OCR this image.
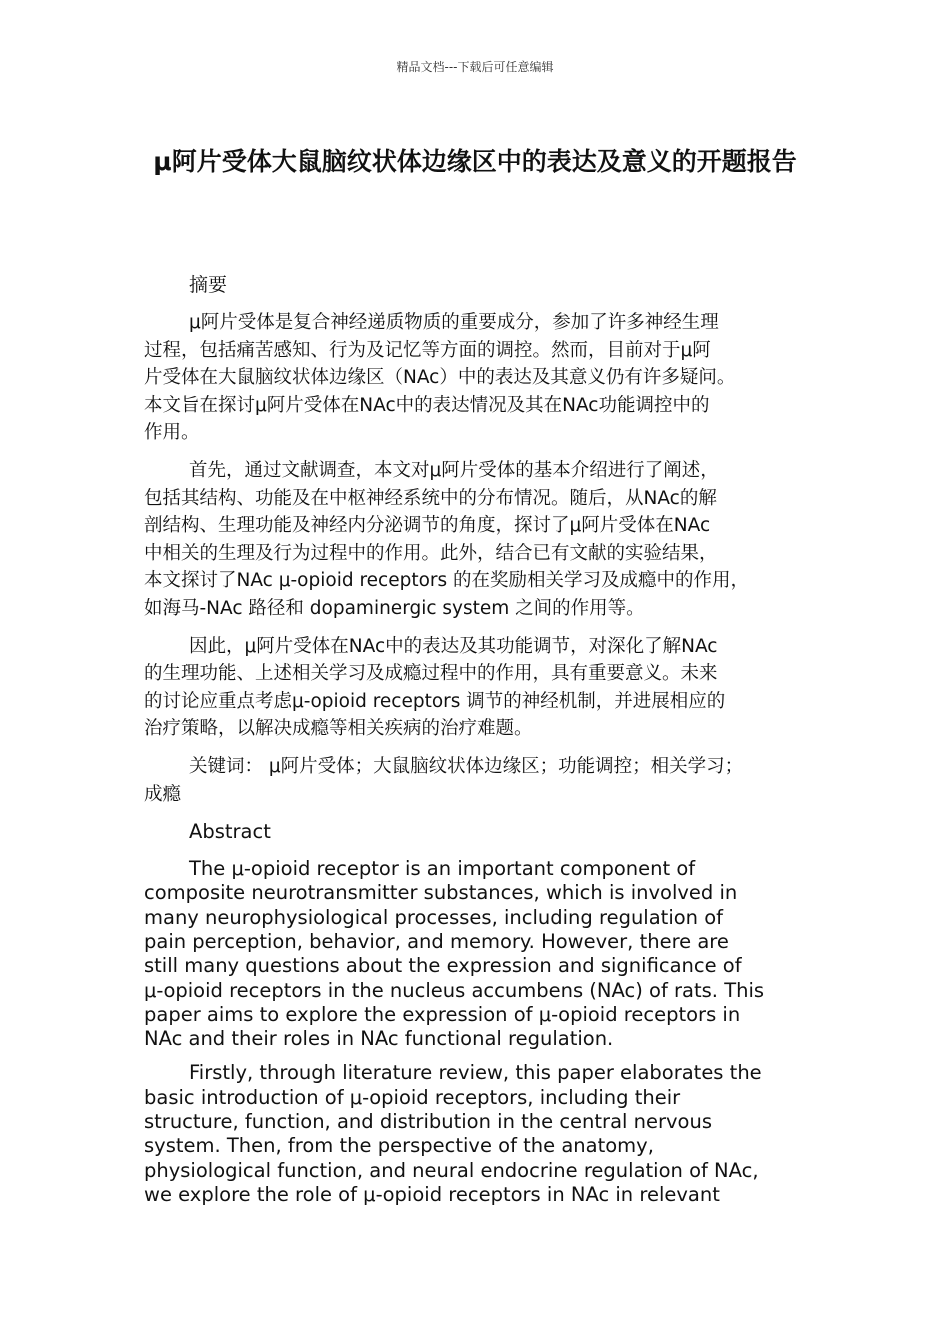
精品文档---下载后可任意编辑
μ阿片受体大鼠脑纹状体边缘区中的表达及意义的开题报告

摘要

μ阿片受体是复合神经递质物质的重要成分，参加了许多神经生理
过程，包括痛苦感知、行为及记忆等方面的调控。然而，目前对于μ阿
片受体在大鼠脑纹状体边缘区（NAc）中的表达及其意义仍有许多疑问。
本文旨在探讨μ阿片受体在NAc中的表达情况及其在NAc功能调控中的
作用。

首先，通过文献调查，本文对μ阿片受体的基本介绍进行了阐述，
包括其结构、功能及在中枢神经系统中的分布情况。随后，从NAc的解
剖结构、生理功能及神经内分泌调节的角度，探讨了μ阿片受体在NAc
中相关的生理及行为过程中的作用。此外，结合已有文献的实验结果，
本文探讨了NAc μ-opioid receptors 的在奖励相关学习及成瘾中的作用，
如海马-NAc 路径和 dopaminergic system 之间的作用等。

因此，μ阿片受体在NAc中的表达及其功能调节，对深化了解NAc
的生理功能、上述相关学习及成瘾过程中的作用，具有重要意义。未来
的讨论应重点考虑μ-opioid receptors 调节的神经机制，并进展相应的
治疗策略，以解决成瘾等相关疾病的治疗难题。

关键词： μ阿片受体；大鼠脑纹状体边缘区；功能调控；相关学习；
成瘾

Abstract

The μ-opioid receptor is an important component of
composite neurotransmitter substances, which is involved in
many neurophysiological processes, including regulation of
pain perception, behavior, and memory. However, there are
still many questions about the expression and significance of
μ-opioid receptors in the nucleus accumbens (NAc) of rats. This
paper aims to explore the expression of μ-opioid receptors in
NAc and their roles in NAc functional regulation.

Firstly, through literature review, this paper elaborates the
basic introduction of μ-opioid receptors, including their
structure, function, and distribution in the central nervous
system. Then, from the perspective of the anatomy,
physiological function, and neural endocrine regulation of NAc,
we explore the role of μ-opioid receptors in NAc in relevant
